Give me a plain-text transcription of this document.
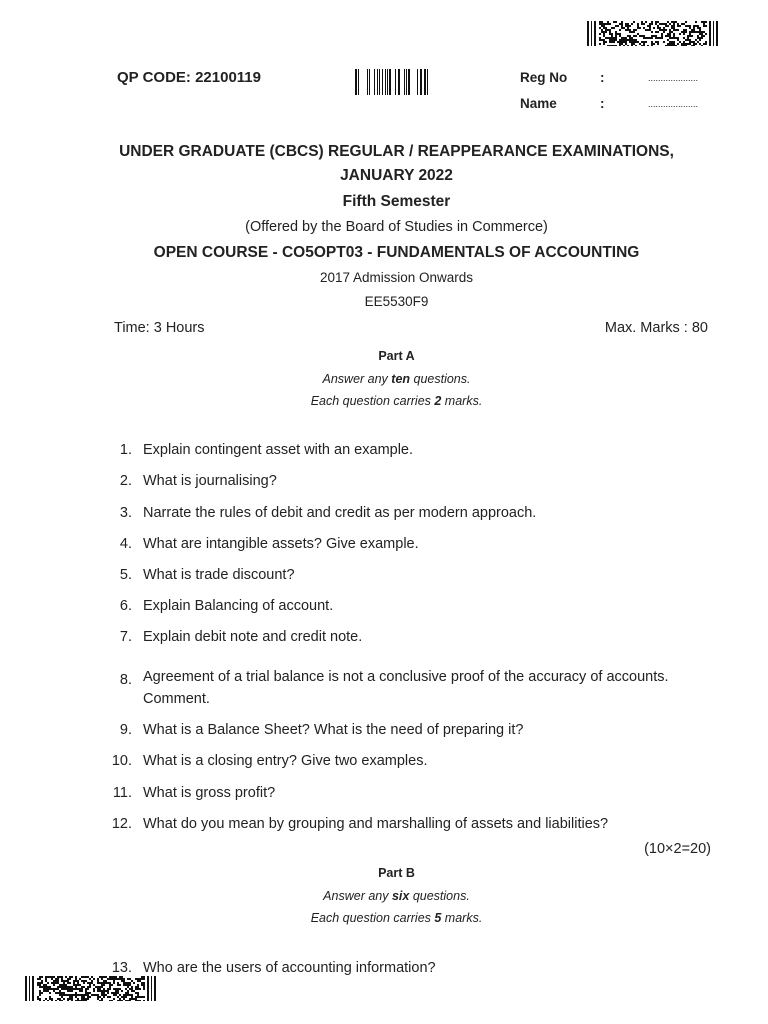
QP CODE: 22100119	Reg No :	....................
Name	:	....................
UNDER GRADUATE (CBCS) REGULAR / REAPPEARANCE EXAMINATIONS,
JANUARY 2022
Fifth Semester
(Offered by the Board of Studies in Commerce)
OPEN COURSE - CO5OPT03 - FUNDAMENTALS OF ACCOUNTING
2017 Admission Onwards
EE5530F9
Time: 3 Hours	Max. Marks : 80
Part A
Answer any ten questions.
Each question carries 2 marks.
1. Explain contingent asset with an example.
2. What is journalising?
3. Narrate the rules of debit and credit as per modern approach.
4. What are intangible assets? Give example.
5. What is trade discount?
6. Explain Balancing of account.
7. Explain debit note and credit note.
8. Agreement of a trial balance is not a conclusive proof of the accuracy of accounts. Comment.
9. What is a Balance Sheet? What is the need of preparing it?
10. What is a closing entry? Give two examples.
11. What is gross profit?
12. What do you mean by grouping and marshalling of assets and liabilities?
(10×2=20)
Part B
Answer any six questions.
Each question carries 5 marks.
13. Who are the users of accounting information?
